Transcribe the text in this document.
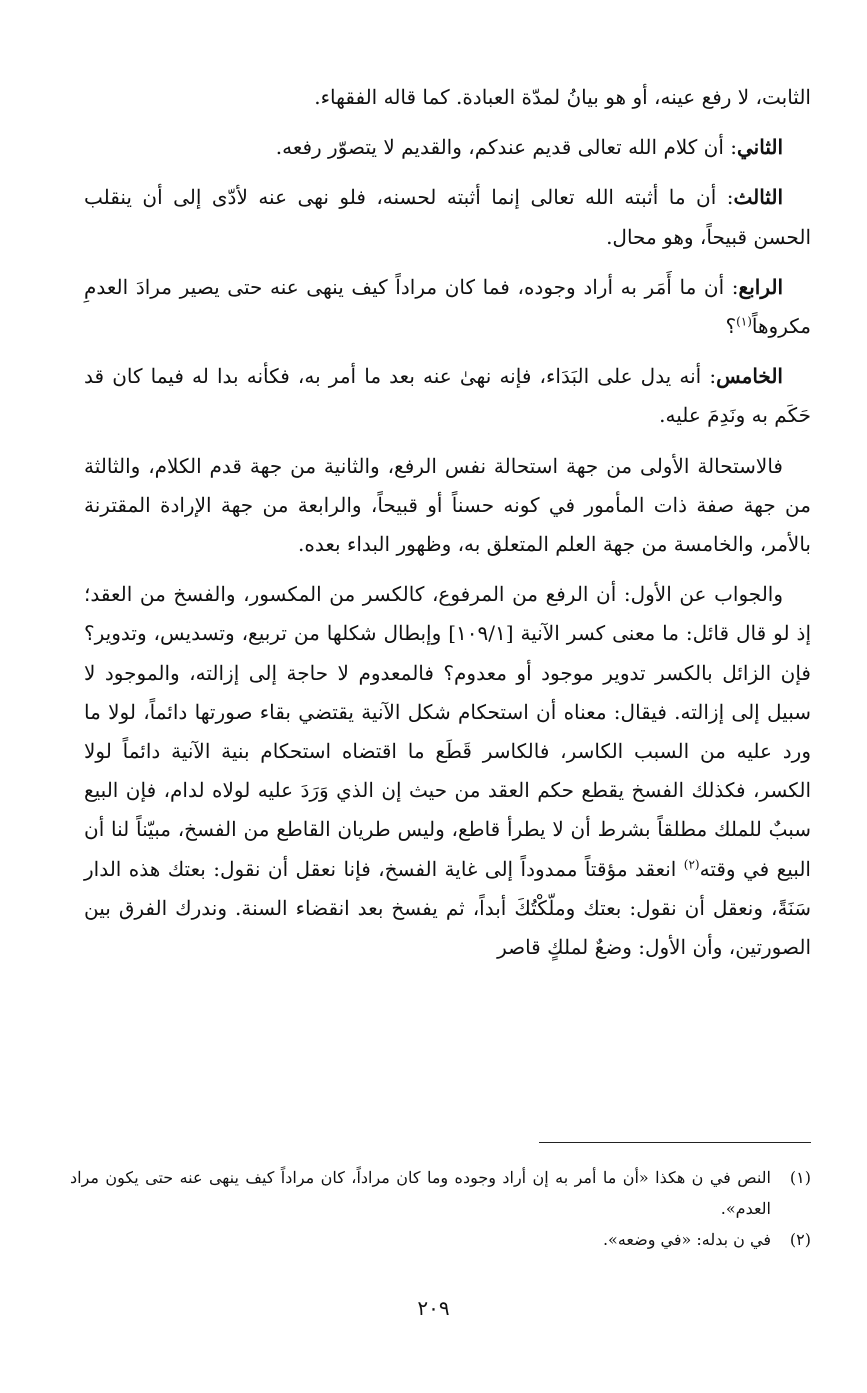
الثابت، لا رفع عينه، أو هو بيانُ لمدّة العبادة. كما قاله الفقهاء.

الثاني: أن كلام الله تعالى قديم عندكم، والقديم لا يتصوّر رفعه.

الثالث: أن ما أثبته الله تعالى إنما أثبته لحسنه، فلو نهى عنه لأدّى إلى أن ينقلب الحسن قبيحاً، وهو محال.

الرابع: أن ما أَمَر به أراد وجوده، فما كان مراداً كيف ينهى عنه حتى يصير مرادَ العدمِ مكروهاً$^{(١)}$؟

الخامس: أنه يدل على البَدَاء، فإنه نهىٰ عنه بعد ما أمر به، فكأنه بدا له فيما كان قد حَكَم به ونَدِمَ عليه.

فالاستحالة الأولى من جهة استحالة نفس الرفع، والثانية من جهة قدم الكلام، والثالثة من جهة صفة ذات المأمور في كونه حسناً أو قبيحاً، والرابعة من جهة الإرادة المقترنة بالأمر، والخامسة من جهة العلم المتعلق به، وظهور البداء بعده.

والجواب عن الأول: أن الرفع من المرفوع، كالكسر من المكسور، والفسخ من العقد؛ إذ لو قال قائل: ما معنى كسر الآنية [١٠٩/١] وإبطال شكلها من تربيع، وتسديس، وتدوير؟ فإن الزائل بالكسر تدوير موجود أو معدوم؟ فالمعدوم لا حاجة إلى إزالته، والموجود لا سبيل إلى إزالته. فيقال: معناه أن استحكام شكل الآنية يقتضي بقاء صورتها دائماً، لولا ما ورد عليه من السبب الكاسر، فالكاسر قَطَع ما اقتضاه استحكام بنية الآنية دائماً لولا الكسر، فكذلك الفسخ يقطع حكم العقد من حيث إن الذي وَرَدَ عليه لولاه لدام، فإن البيع سببٌ للملك مطلقاً بشرط أن لا يطرأ قاطع، وليس طريان القاطع من الفسخ، مبيّناً لنا أن البيع في وقته$^{(٢)}$ انعقد مؤقتاً ممدوداً إلى غاية الفسخ، فإنا نعقل أن نقول: بعتك هذه الدار سَنَةً، ونعقل أن نقول: بعتك وملّكْتُكَ أبداً، ثم يفسخ بعد انقضاء السنة. وندرك الفرق بين الصورتين، وأن الأول: وضعٌ لملكٍ قاصر

(١)
النص في ن هكذا «أن ما أمر به إن أراد وجوده وما كان مراداً، كان مراداً كيف ينهى عنه حتى يكون مراد العدم».

(٢)
في ن بدله: «في وضعه».

٢٠٩
